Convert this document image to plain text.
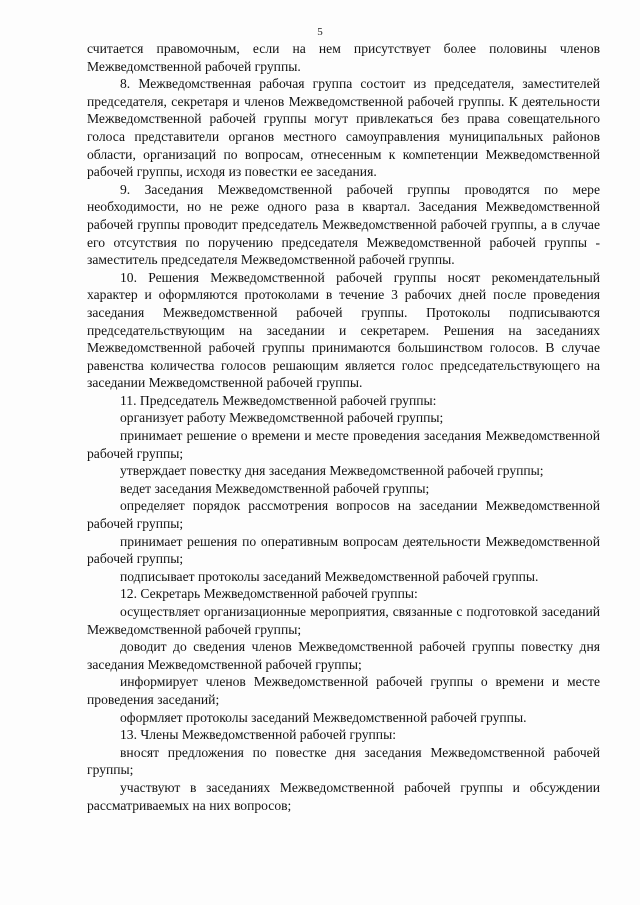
5

считается правомочным, если на нем присутствует более половины членов Межведомственной рабочей группы.

8. Межведомственная рабочая группа состоит из председателя, заместителей председателя, секретаря и членов Межведомственной рабочей группы. К деятельности Межведомственной рабочей группы могут привлекаться без права совещательного голоса представители органов местного самоуправления муниципальных районов области, организаций по вопросам, отнесенным к компетенции Межведомственной рабочей группы, исходя из повестки ее заседания.

9. Заседания Межведомственной рабочей группы проводятся по мере необходимости, но не реже одного раза в квартал. Заседания Межведомственной рабочей группы проводит председатель Межведомственной рабочей группы, а в случае его отсутствия по поручению председателя Межведомственной рабочей группы - заместитель председателя Межведомственной рабочей группы.

10. Решения Межведомственной рабочей группы носят рекомендательный характер и оформляются протоколами в течение 3 рабочих дней после проведения заседания Межведомственной рабочей группы. Протоколы подписываются председательствующим на заседании и секретарем. Решения на заседаниях Межведомственной рабочей группы принимаются большинством голосов. В случае равенства количества голосов решающим является голос председательствующего на заседании Межведомственной рабочей группы.

11. Председатель Межведомственной рабочей группы:

организует работу Межведомственной рабочей группы;

принимает решение о времени и месте проведения заседания Межведомственной рабочей группы;

утверждает повестку дня заседания Межведомственной рабочей группы;

ведет заседания Межведомственной рабочей группы;

определяет порядок рассмотрения вопросов на заседании Межведомственной рабочей группы;

принимает решения по оперативным вопросам деятельности Межведомственной рабочей группы;

подписывает протоколы заседаний Межведомственной рабочей группы.

12. Секретарь Межведомственной рабочей группы:

осуществляет организационные мероприятия, связанные с подготовкой заседаний Межведомственной рабочей группы;

доводит до сведения членов Межведомственной рабочей группы повестку дня заседания Межведомственной рабочей группы;

информирует членов Межведомственной рабочей группы о времени и месте проведения заседаний;

оформляет протоколы заседаний Межведомственной рабочей группы.

13. Члены Межведомственной рабочей группы:

вносят предложения по повестке дня заседания Межведомственной рабочей группы;

участвуют в заседаниях Межведомственной рабочей группы и обсуждении рассматриваемых на них вопросов;
